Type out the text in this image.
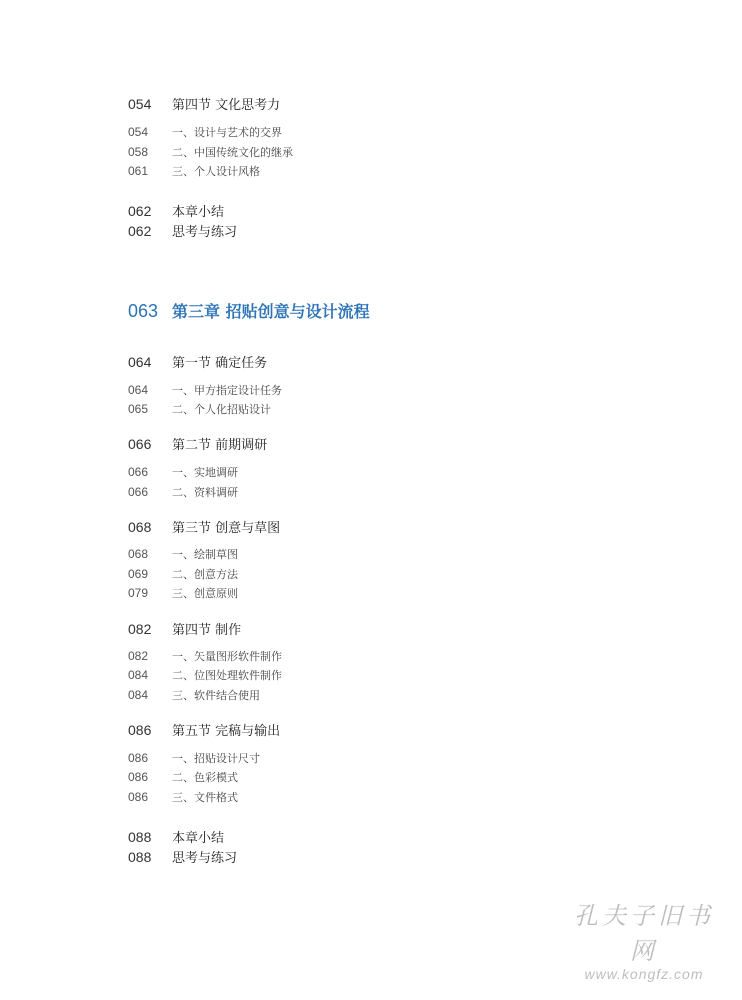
054	第四节 文化思考力
054	一、设计与艺术的交界
058	二、中国传统文化的继承
061	三、个人设计风格
062	本章小结
062	思考与练习
063 第三章 招贴创意与设计流程
064	第一节 确定任务
064	一、甲方指定设计任务
065	二、个人化招贴设计
066	第二节 前期调研
066	一、实地调研
066	二、资料调研
068	第三节 创意与草图
068	一、绘制草图
069	二、创意方法
079	三、创意原则
082	第四节 制作
082	一、矢量图形软件制作
084	二、位图处理软件制作
084	三、软件结合使用
086	第五节 完稿与输出
086	一、招贴设计尺寸
086	二、色彩模式
086	三、文件格式
088	本章小结
088	思考与练习
孔夫子旧书网
www.kongfz.com
